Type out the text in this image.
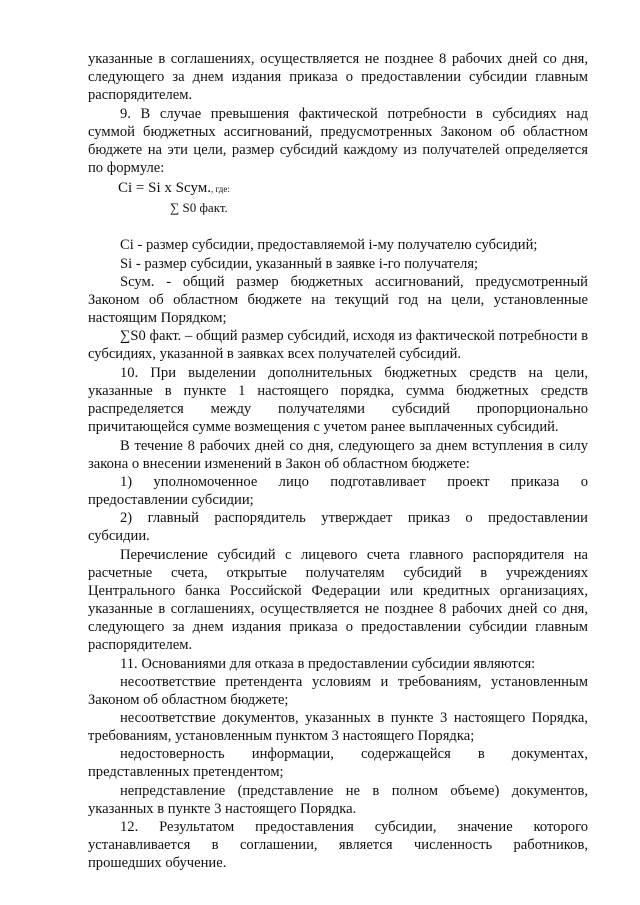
указанные в соглашениях, осуществляется не позднее 8 рабочих дней со дня,
следующего за днем издания приказа о предоставлении субсидии главным
распорядителем.
9. В случае превышения фактической потребности в субсидиях над
суммой бюджетных ассигнований, предусмотренных Законом об областном
бюджете на эти цели, размер субсидий каждому из получателей определяется
по формуле:
Ci = Si x Sсум., где:
∑ S0 факт.
Ci - размер субсидии, предоставляемой i-му получателю субсидий;
Si - размер субсидии, указанный в заявке i-го получателя;
Sсум. - общий размер бюджетных ассигнований, предусмотренный
Законом об областном бюджете на текущий год на цели, установленные
настоящим Порядком;
∑S0 факт. – общий размер субсидий, исходя из фактической потребности в
субсидиях, указанной в заявках всех получателей субсидий.
10. При выделении дополнительных бюджетных средств на цели,
указанные в пункте 1 настоящего порядка, сумма бюджетных средств
распределяется между получателями субсидий пропорционально
причитающейся сумме возмещения с учетом ранее выплаченных субсидий.
В течение 8 рабочих дней со дня, следующего за днем вступления в силу
закона о внесении изменений в Закон об областном бюджете:
1) уполномоченное лицо подготавливает проект приказа о
предоставлении субсидии;
2) главный распорядитель утверждает приказ о предоставлении
субсидии.
Перечисление субсидий с лицевого счета главного распорядителя на
расчетные счета, открытые получателям субсидий в учреждениях
Центрального банка Российской Федерации или кредитных организациях,
указанные в соглашениях, осуществляется не позднее 8 рабочих дней со дня,
следующего за днем издания приказа о предоставлении субсидии главным
распорядителем.
11. Основаниями для отказа в предоставлении субсидии являются:
несоответствие претендента условиям и требованиям, установленным
Законом об областном бюджете;
несоответствие документов, указанных в пункте 3 настоящего Порядка,
требованиям, установленным пунктом 3 настоящего Порядка;
недостоверность информации, содержащейся в документах,
представленных претендентом;
непредставление (представление не в полном объеме) документов,
указанных в пункте 3 настоящего Порядка.
12. Результатом предоставления субсидии, значение которого
устанавливается в соглашении, является численность работников,
прошедших обучение.
